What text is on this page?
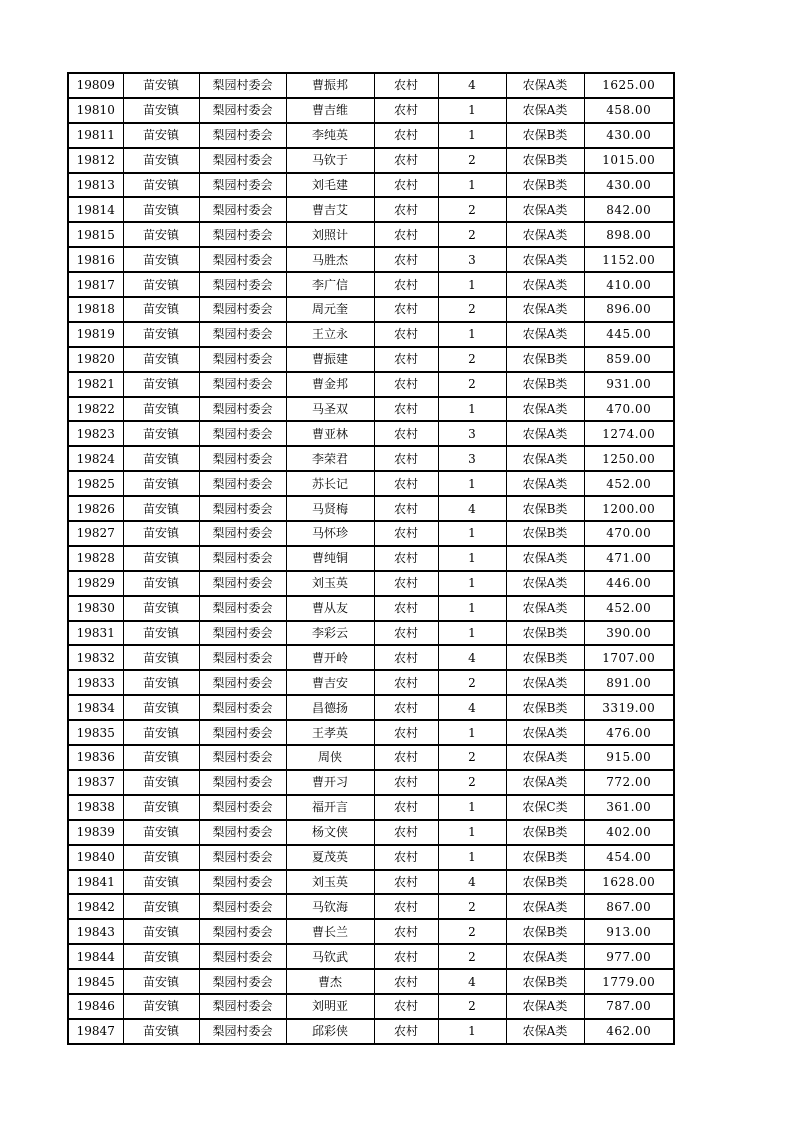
19809	苗安镇	梨园村委会	曹振邦	农村	4	农保A类	1625.00
19810	苗安镇	梨园村委会	曹吉维	农村	1	农保A类	458.00
19811	苗安镇	梨园村委会	李纯英	农村	1	农保B类	430.00
19812	苗安镇	梨园村委会	马钦于	农村	2	农保B类	1015.00
19813	苗安镇	梨园村委会	刘毛建	农村	1	农保B类	430.00
19814	苗安镇	梨园村委会	曹吉艾	农村	2	农保A类	842.00
19815	苗安镇	梨园村委会	刘照计	农村	2	农保A类	898.00
19816	苗安镇	梨园村委会	马胜杰	农村	3	农保A类	1152.00
19817	苗安镇	梨园村委会	李广信	农村	1	农保A类	410.00
19818	苗安镇	梨园村委会	周元奎	农村	2	农保A类	896.00
19819	苗安镇	梨园村委会	王立永	农村	1	农保A类	445.00
19820	苗安镇	梨园村委会	曹振建	农村	2	农保B类	859.00
19821	苗安镇	梨园村委会	曹金邦	农村	2	农保B类	931.00
19822	苗安镇	梨园村委会	马圣双	农村	1	农保A类	470.00
19823	苗安镇	梨园村委会	曹亚林	农村	3	农保A类	1274.00
19824	苗安镇	梨园村委会	李荣君	农村	3	农保A类	1250.00
19825	苗安镇	梨园村委会	苏长记	农村	1	农保A类	452.00
19826	苗安镇	梨园村委会	马贤梅	农村	4	农保B类	1200.00
19827	苗安镇	梨园村委会	马怀珍	农村	1	农保B类	470.00
19828	苗安镇	梨园村委会	曹纯铜	农村	1	农保A类	471.00
19829	苗安镇	梨园村委会	刘玉英	农村	1	农保A类	446.00
19830	苗安镇	梨园村委会	曹从友	农村	1	农保A类	452.00
19831	苗安镇	梨园村委会	李彩云	农村	1	农保B类	390.00
19832	苗安镇	梨园村委会	曹开岭	农村	4	农保B类	1707.00
19833	苗安镇	梨园村委会	曹吉安	农村	2	农保A类	891.00
19834	苗安镇	梨园村委会	昌德扬	农村	4	农保B类	3319.00
19835	苗安镇	梨园村委会	王孝英	农村	1	农保A类	476.00
19836	苗安镇	梨园村委会	周侠	农村	2	农保A类	915.00
19837	苗安镇	梨园村委会	曹开习	农村	2	农保A类	772.00
19838	苗安镇	梨园村委会	福开言	农村	1	农保C类	361.00
19839	苗安镇	梨园村委会	杨文侠	农村	1	农保B类	402.00
19840	苗安镇	梨园村委会	夏茂英	农村	1	农保B类	454.00
19841	苗安镇	梨园村委会	刘玉英	农村	4	农保B类	1628.00
19842	苗安镇	梨园村委会	马钦海	农村	2	农保A类	867.00
19843	苗安镇	梨园村委会	曹长兰	农村	2	农保B类	913.00
19844	苗安镇	梨园村委会	马钦武	农村	2	农保A类	977.00
19845	苗安镇	梨园村委会	曹杰	农村	4	农保B类	1779.00
19846	苗安镇	梨园村委会	刘明亚	农村	2	农保A类	787.00
19847	苗安镇	梨园村委会	邱彩侠	农村	1	农保A类	462.00
